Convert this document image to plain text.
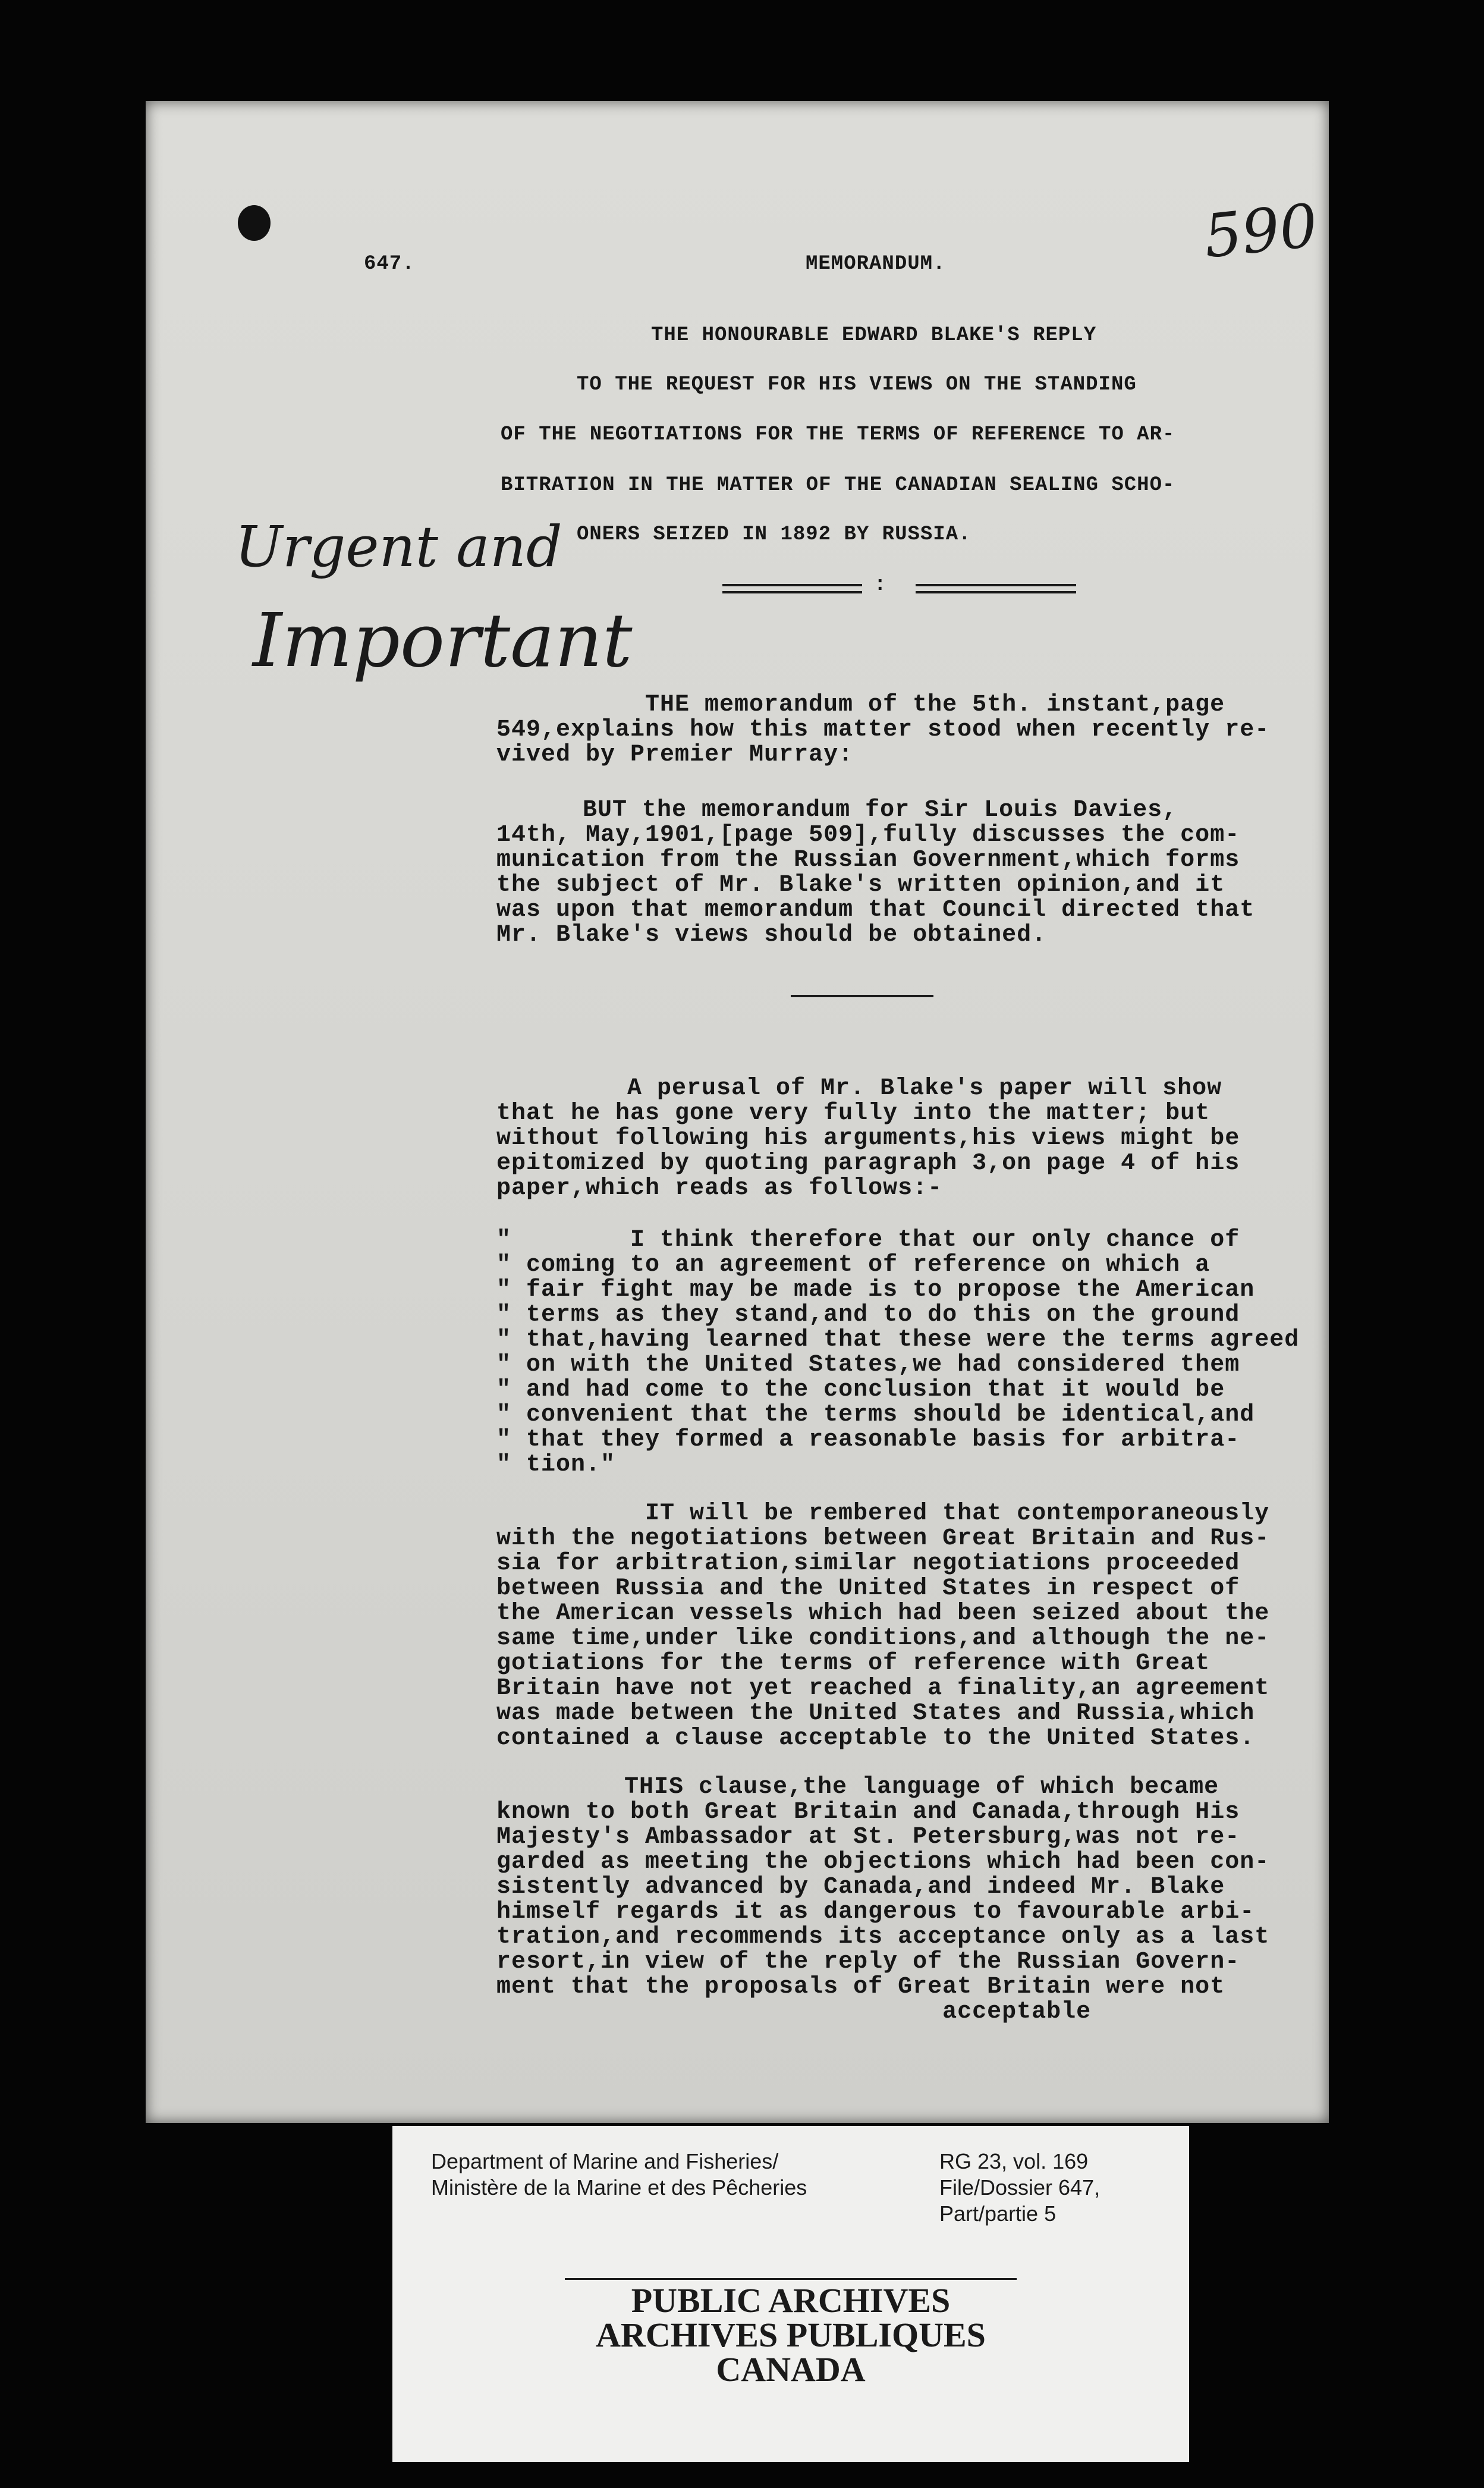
590
647.	MEMORANDUM.
THE HONOURABLE EDWARD BLAKE'S REPLY
TO THE REQUEST FOR HIS VIEWS ON THE STANDING
OF THE NEGOTIATIONS FOR THE TERMS OF REFERENCE TO AR-
BITRATION IN THE MATTER OF THE CANADIAN SEALING SCHO-
ONERS SEIZED IN 1892 BY RUSSIA.
:
Urgent and
Important
THE memorandum of the 5th. instant,page
549,explains how this matter stood when recently re-
vived by Premier Murray:
BUT the memorandum for Sir Louis Davies,
14th, May,1901,[page 509],fully discusses the com-
munication from the Russian Government,which forms
the subject of Mr. Blake's written opinion,and it
was upon that memorandum that Council directed that
Mr. Blake's views should be obtained.
A perusal of Mr. Blake's paper will show
that he has gone very fully into the matter; but
without following his arguments,his views might be
epitomized by quoting paragraph 3,on page 4 of his
paper,which reads as follows:-
"        I think therefore that our only chance of
" coming to an agreement of reference on which a
" fair fight may be made is to propose the American
" terms as they stand,and to do this on the ground
" that,having learned that these were the terms agreed
" on with the United States,we had considered them
" and had come to the conclusion that it would be
" convenient that the terms should be identical,and
" that they formed a reasonable basis for arbitra-
" tion."
IT will be rembered that contemporaneously
with the negotiations between Great Britain and Rus-
sia for arbitration,similar negotiations proceeded
between Russia and the United States in respect of
the American vessels which had been seized about the
same time,under like conditions,and although the ne-
gotiations for the terms of reference with Great
Britain have not yet reached a finality,an agreement
was made between the United States and Russia,which
contained a clause acceptable to the United States.
THIS clause,the language of which became
known to both Great Britain and Canada,through His
Majesty's Ambassador at St. Petersburg,was not re-
garded as meeting the objections which had been con-
sistently advanced by Canada,and indeed Mr. Blake
himself regards it as dangerous to favourable arbi-
tration,and recommends its acceptance only as a last
resort,in view of the reply of the Russian Govern-
ment that the proposals of Great Britain were not
acceptable
Department of Marine and Fisheries/
Ministère de la Marine et des Pêcheries
RG 23, vol. 169
File/Dossier 647,
Part/partie 5
PUBLIC ARCHIVES
ARCHIVES PUBLIQUES
CANADA
